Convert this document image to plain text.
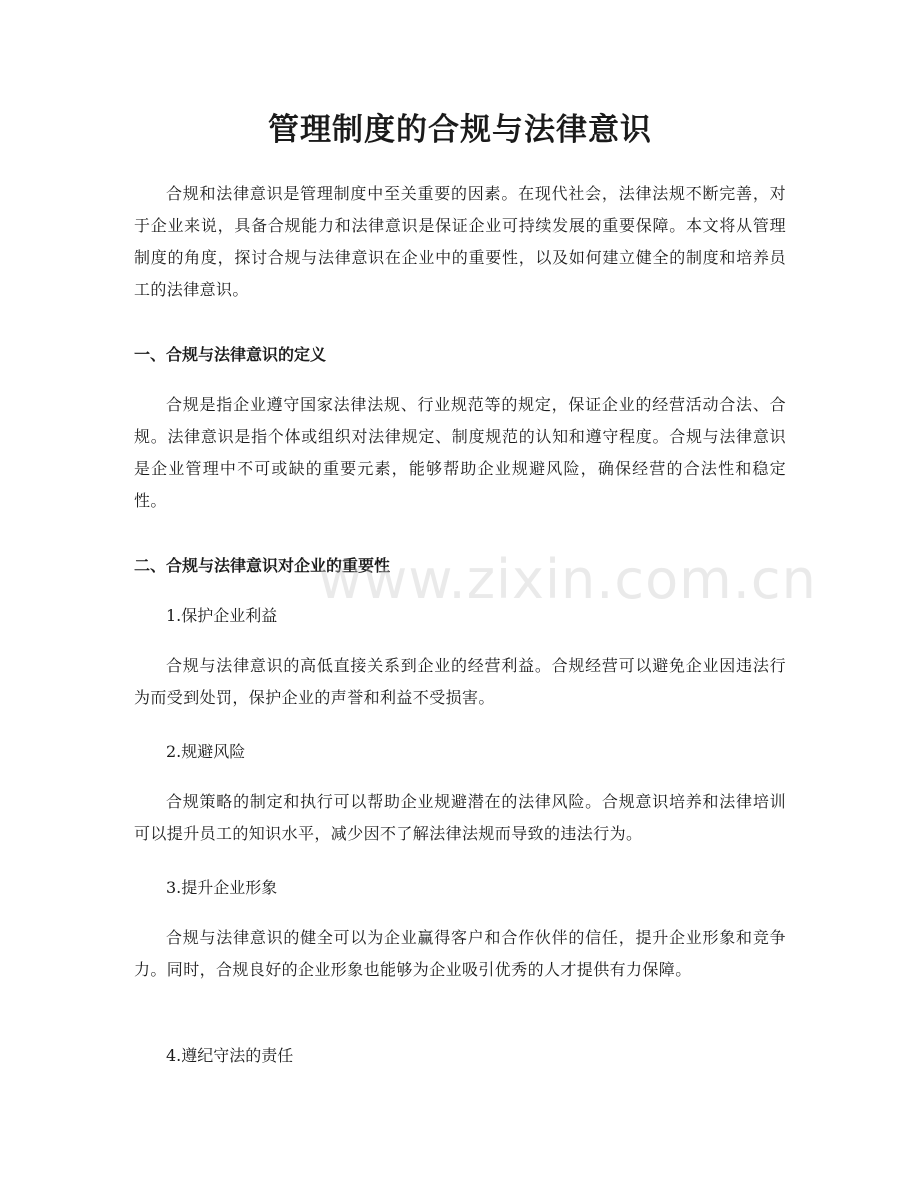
管理制度的合规与法律意识

合规和法律意识是管理制度中至关重要的因素。在现代社会，法律法规不断完善，对于企业来说，具备合规能力和法律意识是保证企业可持续发展的重要保障。本文将从管理制度的角度，探讨合规与法律意识在企业中的重要性，以及如何建立健全的制度和培养员工的法律意识。

一、合规与法律意识的定义

合规是指企业遵守国家法律法规、行业规范等的规定，保证企业的经营活动合法、合规。法律意识是指个体或组织对法律规定、制度规范的认知和遵守程度。合规与法律意识是企业管理中不可或缺的重要元素，能够帮助企业规避风险，确保经营的合法性和稳定性。

二、合规与法律意识对企业的重要性
1.保护企业利益

合规与法律意识的高低直接关系到企业的经营利益。合规经营可以避免企业因违法行为而受到处罚，保护企业的声誉和利益不受损害。

2.规避风险

合规策略的制定和执行可以帮助企业规避潜在的法律风险。合规意识培养和法律培训可以提升员工的知识水平，减少因不了解法律法规而导致的违法行为。

3.提升企业形象

合规与法律意识的健全可以为企业赢得客户和合作伙伴的信任，提升企业形象和竞争力。同时，合规良好的企业形象也能够为企业吸引优秀的人才提供有力保障。

4.遵纪守法的责任
www.zixin.com.cn
